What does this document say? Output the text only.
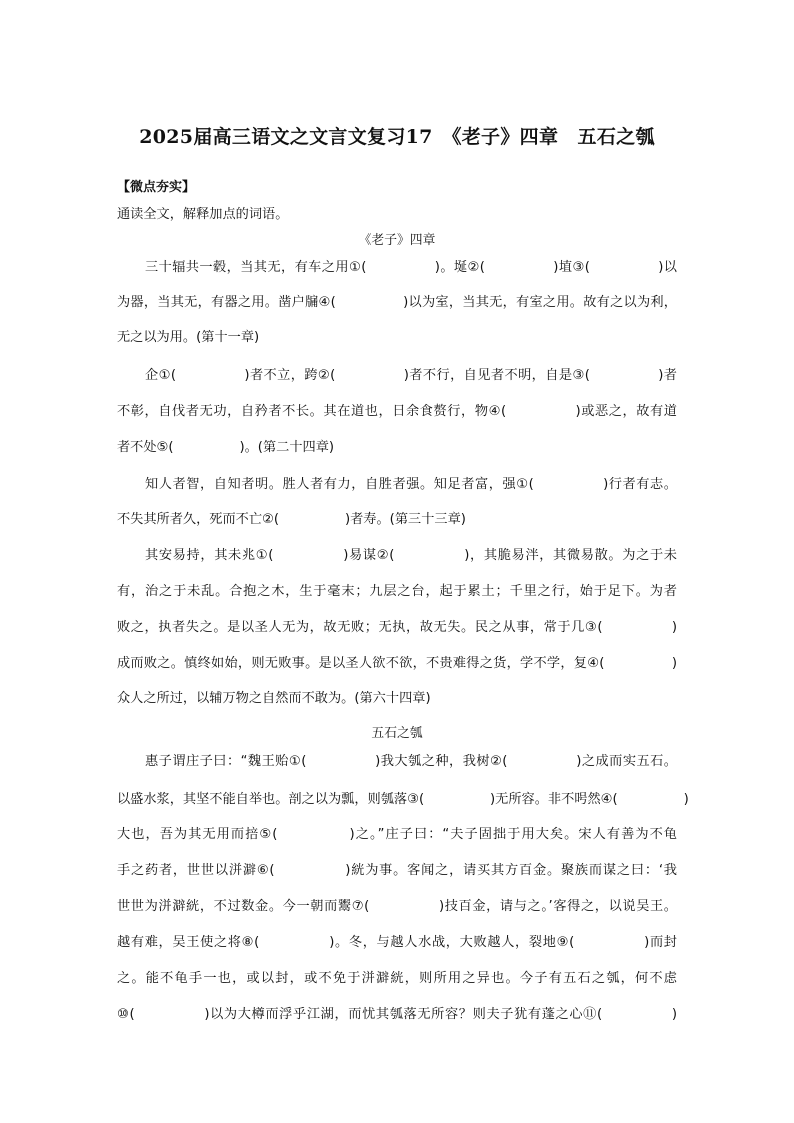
2025届高三语文之文言文复习17　《老子》四章　五石之瓠
【微点夯实】
通读全文，解释加点的词语。
《老子》四章
三十辐共一毂，当其无，有车之用①(　　　　　)。埏②(　　　　　)埴③(　　　　　)以
为器，当其无，有器之用。凿户牖④(　　　　　)以为室，当其无，有室之用。故有之以为利，
无之以为用。(第十一章)
企①(　　　　　)者不立，跨②(　　　　　)者不行，自见者不明，自是③(　　　　　)者
不彰，自伐者无功，自矜者不长。其在道也，日余食赘行，物④(　　　　　)或恶之，故有道
者不处⑤(　　　　　)。(第二十四章)
知人者智，自知者明。胜人者有力，自胜者强。知足者富，强①(　　　　　)行者有志。
不失其所者久，死而不亡②(　　　　　)者寿。(第三十三章)
其安易持，其未兆①(　　　　　)易谋②(　　　　　)，其脆易泮，其微易散。为之于未
有，治之于未乱。合抱之木，生于毫末；九层之台，起于累土；千里之行，始于足下。为者
败之，执者失之。是以圣人无为，故无败；无执，故无失。民之从事，常于几③(　　　　　)
成而败之。慎终如始，则无败事。是以圣人欲不欲，不贵难得之货，学不学，复④(　　　　　)
众人之所过，以辅万物之自然而不敢为。(第六十四章)
五石之瓠
惠子谓庄子曰：“魏王贻①(　　　　　)我大瓠之种，我树②(　　　　　)之成而实五石。
以盛水浆，其坚不能自举也。剖之以为瓢，则瓠落③(　　　　　)无所容。非不呺然④(　　　　　)
大也，吾为其无用而掊⑤(　　　　　)之。”庄子曰：“夫子固拙于用大矣。宋人有善为不龟
手之药者，世世以洴澼⑥(　　　　　)絖为事。客闻之，请买其方百金。聚族而谋之曰：‘我
世世为洴澼絖，不过数金。今一朝而鬻⑦(　　　　　)技百金，请与之。’客得之，以说吴王。
越有难，吴王使之将⑧(　　　　　)。冬，与越人水战，大败越人，裂地⑨(　　　　　)而封
之。能不龟手一也，或以封，或不免于洴澼絖，则所用之异也。今子有五石之瓠，何不虑
⑩(　　　　　)以为大樽而浮乎江湖，而忧其瓠落无所容？则夫子犹有蓬之心⑪(　　　　　)
